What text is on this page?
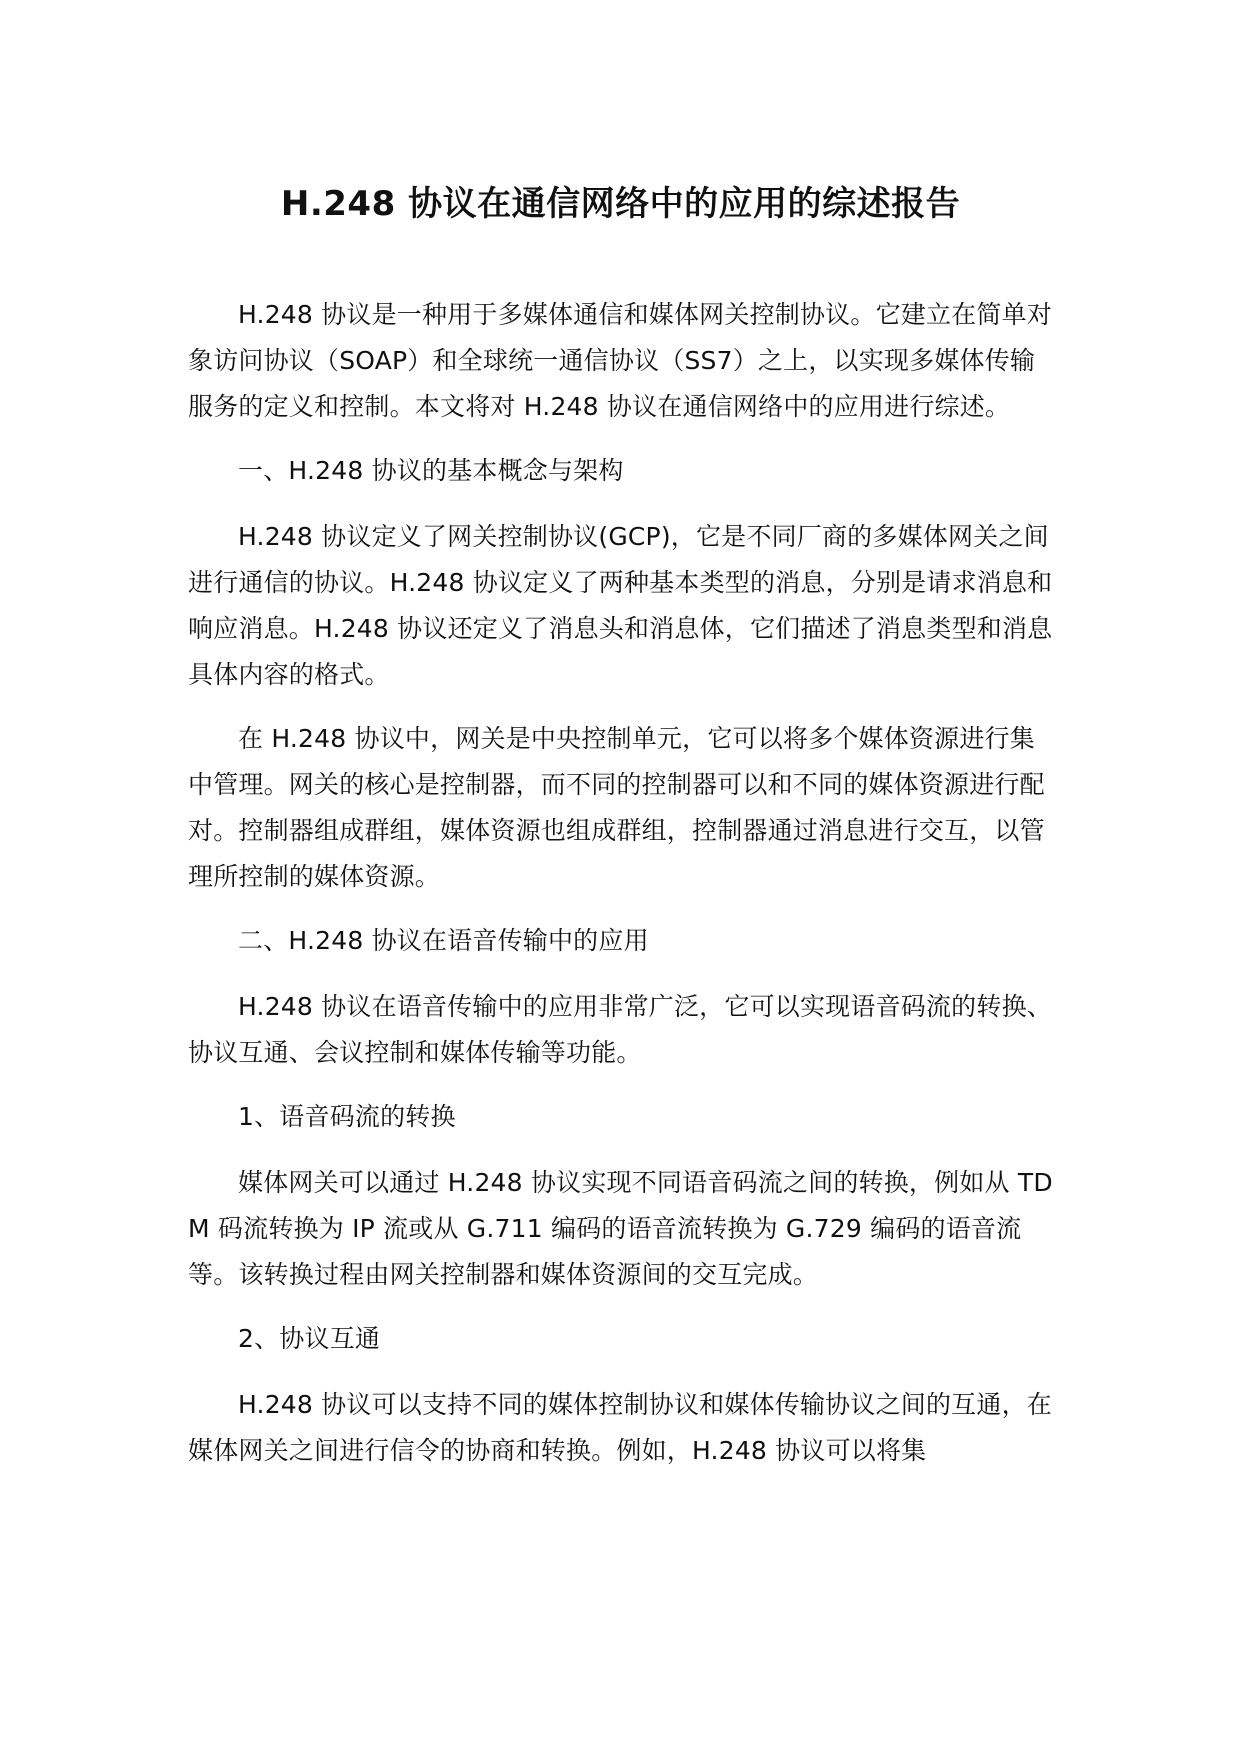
H.248 协议在通信网络中的应用的综述报告

H.248 协议是一种用于多媒体通信和媒体网关控制协议。它建立在简单对象访问协议（SOAP）和全球统一通信协议（SS7）之上，以实现多媒体传输服务的定义和控制。本文将对 H.248 协议在通信网络中的应用进行综述。

一、H.248 协议的基本概念与架构

H.248 协议定义了网关控制协议(GCP)，它是不同厂商的多媒体网关之间进行通信的协议。H.248 协议定义了两种基本类型的消息，分别是请求消息和响应消息。H.248 协议还定义了消息头和消息体，它们描述了消息类型和消息具体内容的格式。

在 H.248 协议中，网关是中央控制单元，它可以将多个媒体资源进行集中管理。网关的核心是控制器，而不同的控制器可以和不同的媒体资源进行配对。控制器组成群组，媒体资源也组成群组，控制器通过消息进行交互，以管理所控制的媒体资源。

二、H.248 协议在语音传输中的应用

H.248 协议在语音传输中的应用非常广泛，它可以实现语音码流的转换、协议互通、会议控制和媒体传输等功能。

1、语音码流的转换

媒体网关可以通过 H.248 协议实现不同语音码流之间的转换，例如从 TDM 码流转换为 IP 流或从 G.711 编码的语音流转换为 G.729 编码的语音流等。该转换过程由网关控制器和媒体资源间的交互完成。

2、协议互通

H.248 协议可以支持不同的媒体控制协议和媒体传输协议之间的互通，在媒体网关之间进行信令的协商和转换。例如，H.248 协议可以将集
